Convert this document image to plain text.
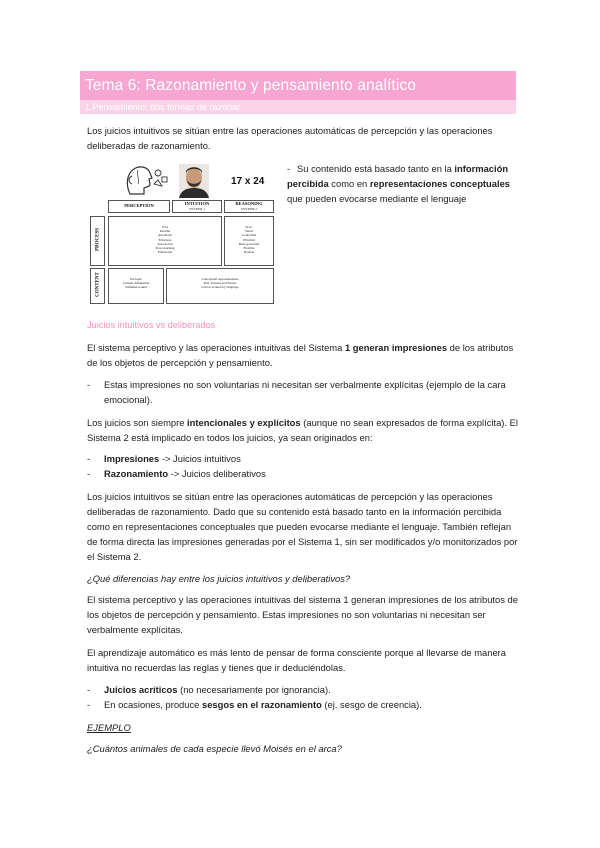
Tema 6: Razonamiento y pensamiento analítico
1.Pensamiento: dos formas de razonar

Los juicios intuitivos se sitúan entre las operaciones automáticas de percepción y las operaciones deliberadas de razonamiento.

17 x 24
PERCEPTION	INTUITION
SYSTEM 1
REASONING
SYSTEM 2
PROCESS
CONTENT
Fast
Parallel
Automatic
Effortless
Associative
Slow-learning
Emotional
Slow
Serial
Controlled
Effortful
Rule-governed
Flexible
Neutral
Percepts
Current stimulation
Stimulus-bound
Conceptual representations
Past, Present and Future
Can be evoked by language
- Su contenido está basado tanto en la información percibida como en representaciones conceptuales que pueden evocarse mediante el lenguaje

Juicios intuitivos vs deliberados

El sistema perceptivo y las operaciones intuitivas del Sistema 1 generan impresiones de los atributos de los objetos de percepción y pensamiento.

- Estas impresiones no son voluntarias ni necesitan ser verbalmente explícitas (ejemplo de la cara emocional).

Los juicios son siempre intencionales y explícitos (aunque no sean expresados de forma explícita). El Sistema 2 está implicado en todos los juicios, ya sean originados en:

- Impresiones -> Juicios intuitivos

- Razonamiento -> Juicios deliberativos

Los juicios intuitivos se sitúan entre las operaciones automáticas de percepción y las operaciones deliberadas de razonamiento. Dado que su contenido está basado tanto en la información percibida como en representaciones conceptuales que pueden evocarse mediante el lenguaje. También reflejan de forma directa las impresiones generadas por el Sistema 1, sin ser modificados y/o monitorizados por el Sistema 2.

¿Qué diferencias hay entre los juicios intuitivos y deliberativos?

El sistema perceptivo y las operaciones intuitivas del sistema 1 generan impresiones de los atributos de los objetos de percepción y pensamiento. Estas impresiones no son voluntarias ni necesitan ser verbalmente explícitas.

El aprendizaje automático es más lento de pensar de forma consciente porque al llevarse de manera intuitiva no recuerdas las reglas y tienes que ir deduciéndolas.

- Juicios acríticos (no necesariamente por ignorancia).

- En ocasiones, produce sesgos en el razonamiento (ej. sesgo de creencia).

EJEMPLO

¿Cuántos animales de cada especie llevó Moisés en el arca?
